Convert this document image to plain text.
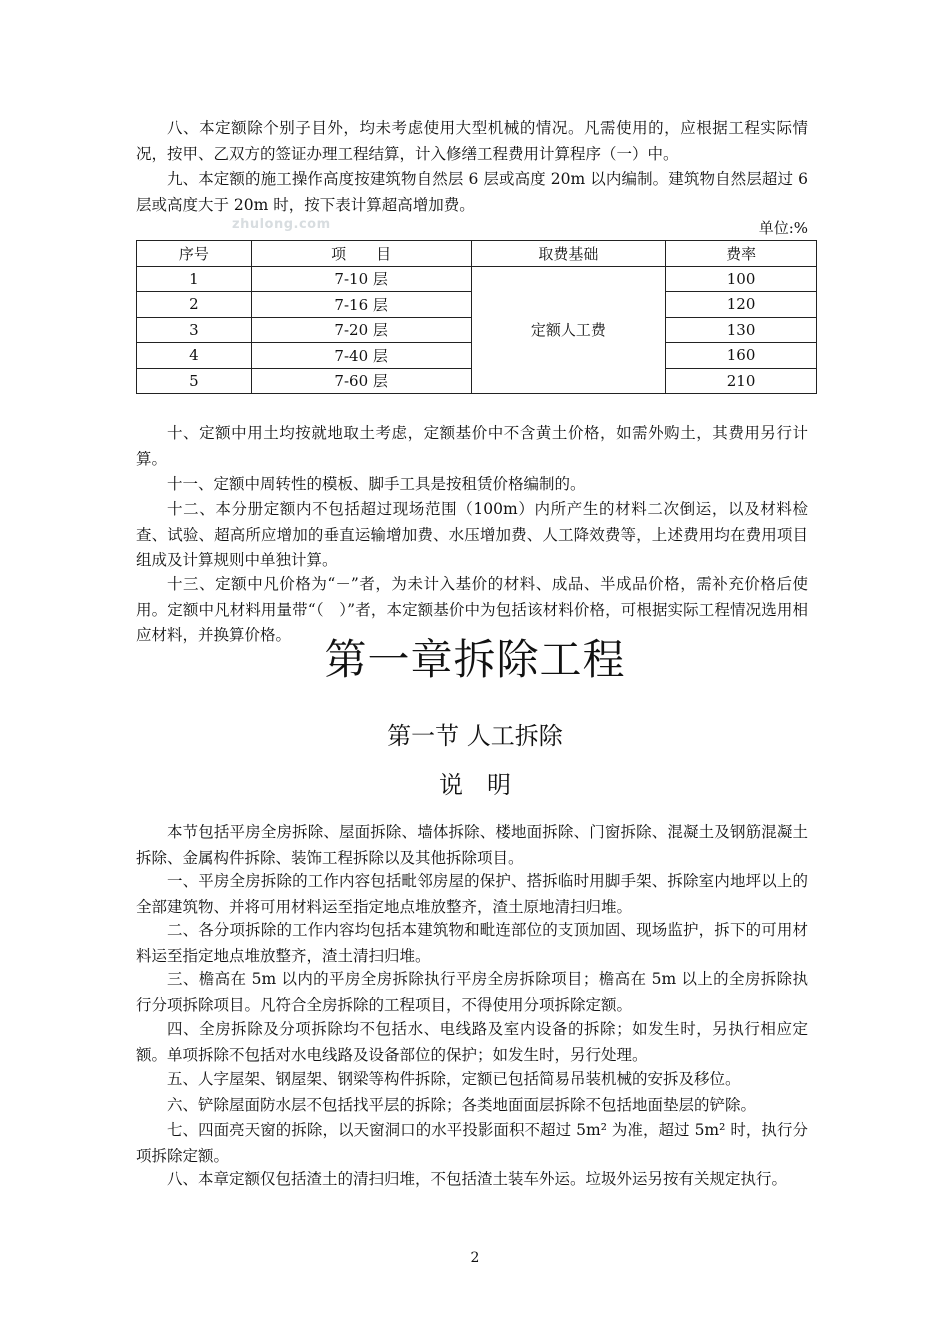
八、本定额除个别子目外，均未考虑使用大型机械的情况。凡需使用的，应根据工程实际情况，按甲、乙双方的签证办理工程结算，计入修缮工程费用计算程序（一）中。

九、本定额的施工操作高度按建筑物自然层 6 层或高度 20m 以内编制。建筑物自然层超过 6 层或高度大于 20m 时，按下表计算超高增加费。

zhulong.com	单位:%
序号	项　　目	取费基础	费率
1	7-10 层	定额人工费	100
2	7-16 层		120
3	7-20 层		130
4	7-40 层		160
5	7-60 层		210

十、定额中用土均按就地取土考虑，定额基价中不含黄土价格，如需外购土，其费用另行计算。

十一、定额中周转性的模板、脚手工具是按租赁价格编制的。

十二、本分册定额内不包括超过现场范围（100m）内所产生的材料二次倒运，以及材料检查、试验、超高所应增加的垂直运输增加费、水压增加费、人工降效费等，上述费用均在费用项目组成及计算规则中单独计算。

十三、定额中凡价格为“－”者，为未计入基价的材料、成品、半成品价格，需补充价格后使用。定额中凡材料用量带“（　）”者，本定额基价中为包括该材料价格，可根据实际工程情况选用相应材料，并换算价格。 第一章拆除工程
第一节 人工拆除
说　明

本节包括平房全房拆除、屋面拆除、墙体拆除、楼地面拆除、门窗拆除、混凝土及钢筋混凝土拆除、金属构件拆除、装饰工程拆除以及其他拆除项目。

一、平房全房拆除的工作内容包括毗邻房屋的保护、搭拆临时用脚手架、拆除室内地坪以上的全部建筑物、并将可用材料运至指定地点堆放整齐，渣土原地清扫归堆。

二、各分项拆除的工作内容均包括本建筑物和毗连部位的支顶加固、现场监护，拆下的可用材料运至指定地点堆放整齐，渣土清扫归堆。

三、檐高在 5m 以内的平房全房拆除执行平房全房拆除项目；檐高在 5m 以上的全房拆除执行分项拆除项目。凡符合全房拆除的工程项目，不得使用分项拆除定额。

四、全房拆除及分项拆除均不包括水、电线路及室内设备的拆除；如发生时，另执行相应定额。单项拆除不包括对水电线路及设备部位的保护；如发生时，另行处理。

五、人字屋架、钢屋架、钢梁等构件拆除，定额已包括简易吊装机械的安拆及移位。

六、铲除屋面防水层不包括找平层的拆除；各类地面面层拆除不包括地面垫层的铲除。

七、四面亮天窗的拆除，以天窗洞口的水平投影面积不超过 5m² 为准，超过 5m² 时，执行分项拆除定额。

八、本章定额仅包括渣土的清扫归堆，不包括渣土装车外运。垃圾外运另按有关规定执行。

2
